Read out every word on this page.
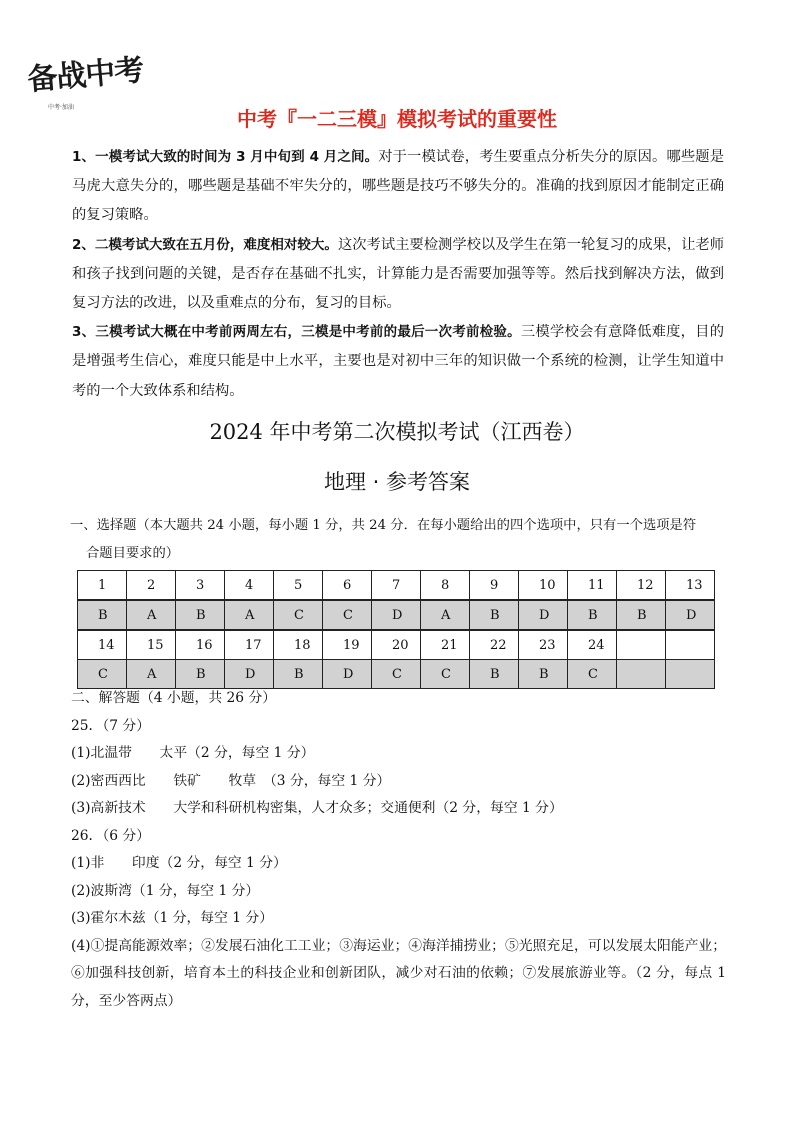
备战中考
中考·加油	中考『一二三模』模拟考试的重要性

1、一模考试大致的时间为 3 月中旬到 4 月之间。对于一模试卷，考生要重点分析失分的原因。哪些题是马虎大意失分的，哪些题是基础不牢失分的，哪些题是技巧不够失分的。准确的找到原因才能制定正确的复习策略。

2、二模考试大致在五月份，难度相对较大。这次考试主要检测学校以及学生在第一轮复习的成果，让老师和孩子找到问题的关键，是否存在基础不扎实，计算能力是否需要加强等等。然后找到解决方法，做到复习方法的改进，以及重难点的分布，复习的目标。

3、三模考试大概在中考前两周左右，三模是中考前的最后一次考前检验。三模学校会有意降低难度，目的是增强考生信心，难度只能是中上水平，主要也是对初中三年的知识做一个系统的检测，让学生知道中考的一个大致体系和结构。

2024 年中考第二次模拟考试（江西卷）
地理 · 参考答案
一、选择题（本大题共 24 小题，每小题 1 分，共 24 分．在每小题给出的四个选项中，只有一个选项是符
合题目要求的）
1	2	3	4	5	6	7	8	9	10	11	12	13
B	A	B	A	C	C	D	A	B	D	B	B	D
14	15	16	17	18	19	20	21	22	23	24		
C	A	B	D	B	D	C	C	B	B	C		
二、解答题（4 小题，共 26 分）
25．（7 分）
(1)北温带　　太平（2 分，每空 1 分）
(2)密西西比　　铁矿　　牧草　（3 分，每空 1 分）
(3)高新技术　　大学和科研机构密集，人才众多；交通便利（2 分，每空 1 分）
26．（6 分）
(1)非　　印度（2 分，每空 1 分）
(2)波斯湾（1 分，每空 1 分）
(3)霍尔木兹（1 分，每空 1 分）
(4)①提高能源效率；②发展石油化工工业；③海运业；④海洋捕捞业；⑤光照充足，可以发展太阳能产业；⑥加强科技创新，培育本土的科技企业和创新团队，减少对石油的依赖；⑦发展旅游业等。（2 分，每点 1 分，至少答两点）
